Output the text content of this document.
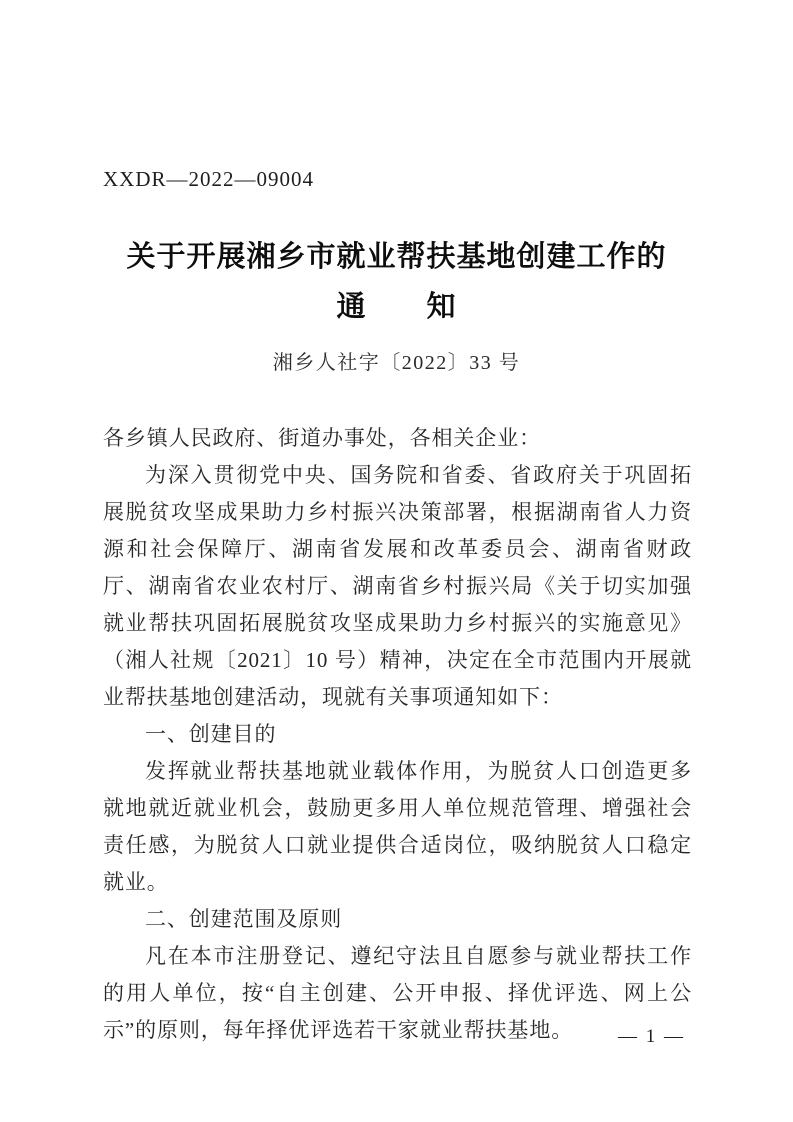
XXDR—2022—09004
关于开展湘乡市就业帮扶基地创建工作的
通　　知
湘乡人社字〔2022〕33 号

各乡镇人民政府、街道办事处，各相关企业：

为深入贯彻党中央、国务院和省委、省政府关于巩固拓展脱贫攻坚成果助力乡村振兴决策部署，根据湖南省人力资源和社会保障厅、湖南省发展和改革委员会、湖南省财政厅、湖南省农业农村厅、湖南省乡村振兴局《关于切实加强就业帮扶巩固拓展脱贫攻坚成果助力乡村振兴的实施意见》（湘人社规〔2021〕10 号）精神，决定在全市范围内开展就业帮扶基地创建活动，现就有关事项通知如下：

一、创建目的

发挥就业帮扶基地就业载体作用，为脱贫人口创造更多就地就近就业机会，鼓励更多用人单位规范管理、增强社会责任感，为脱贫人口就业提供合适岗位，吸纳脱贫人口稳定就业。

二、创建范围及原则

凡在本市注册登记、遵纪守法且自愿参与就业帮扶工作的用人单位，按“自主创建、公开申报、择优评选、网上公示”的原则，每年择优评选若干家就业帮扶基地。	— 1 —
